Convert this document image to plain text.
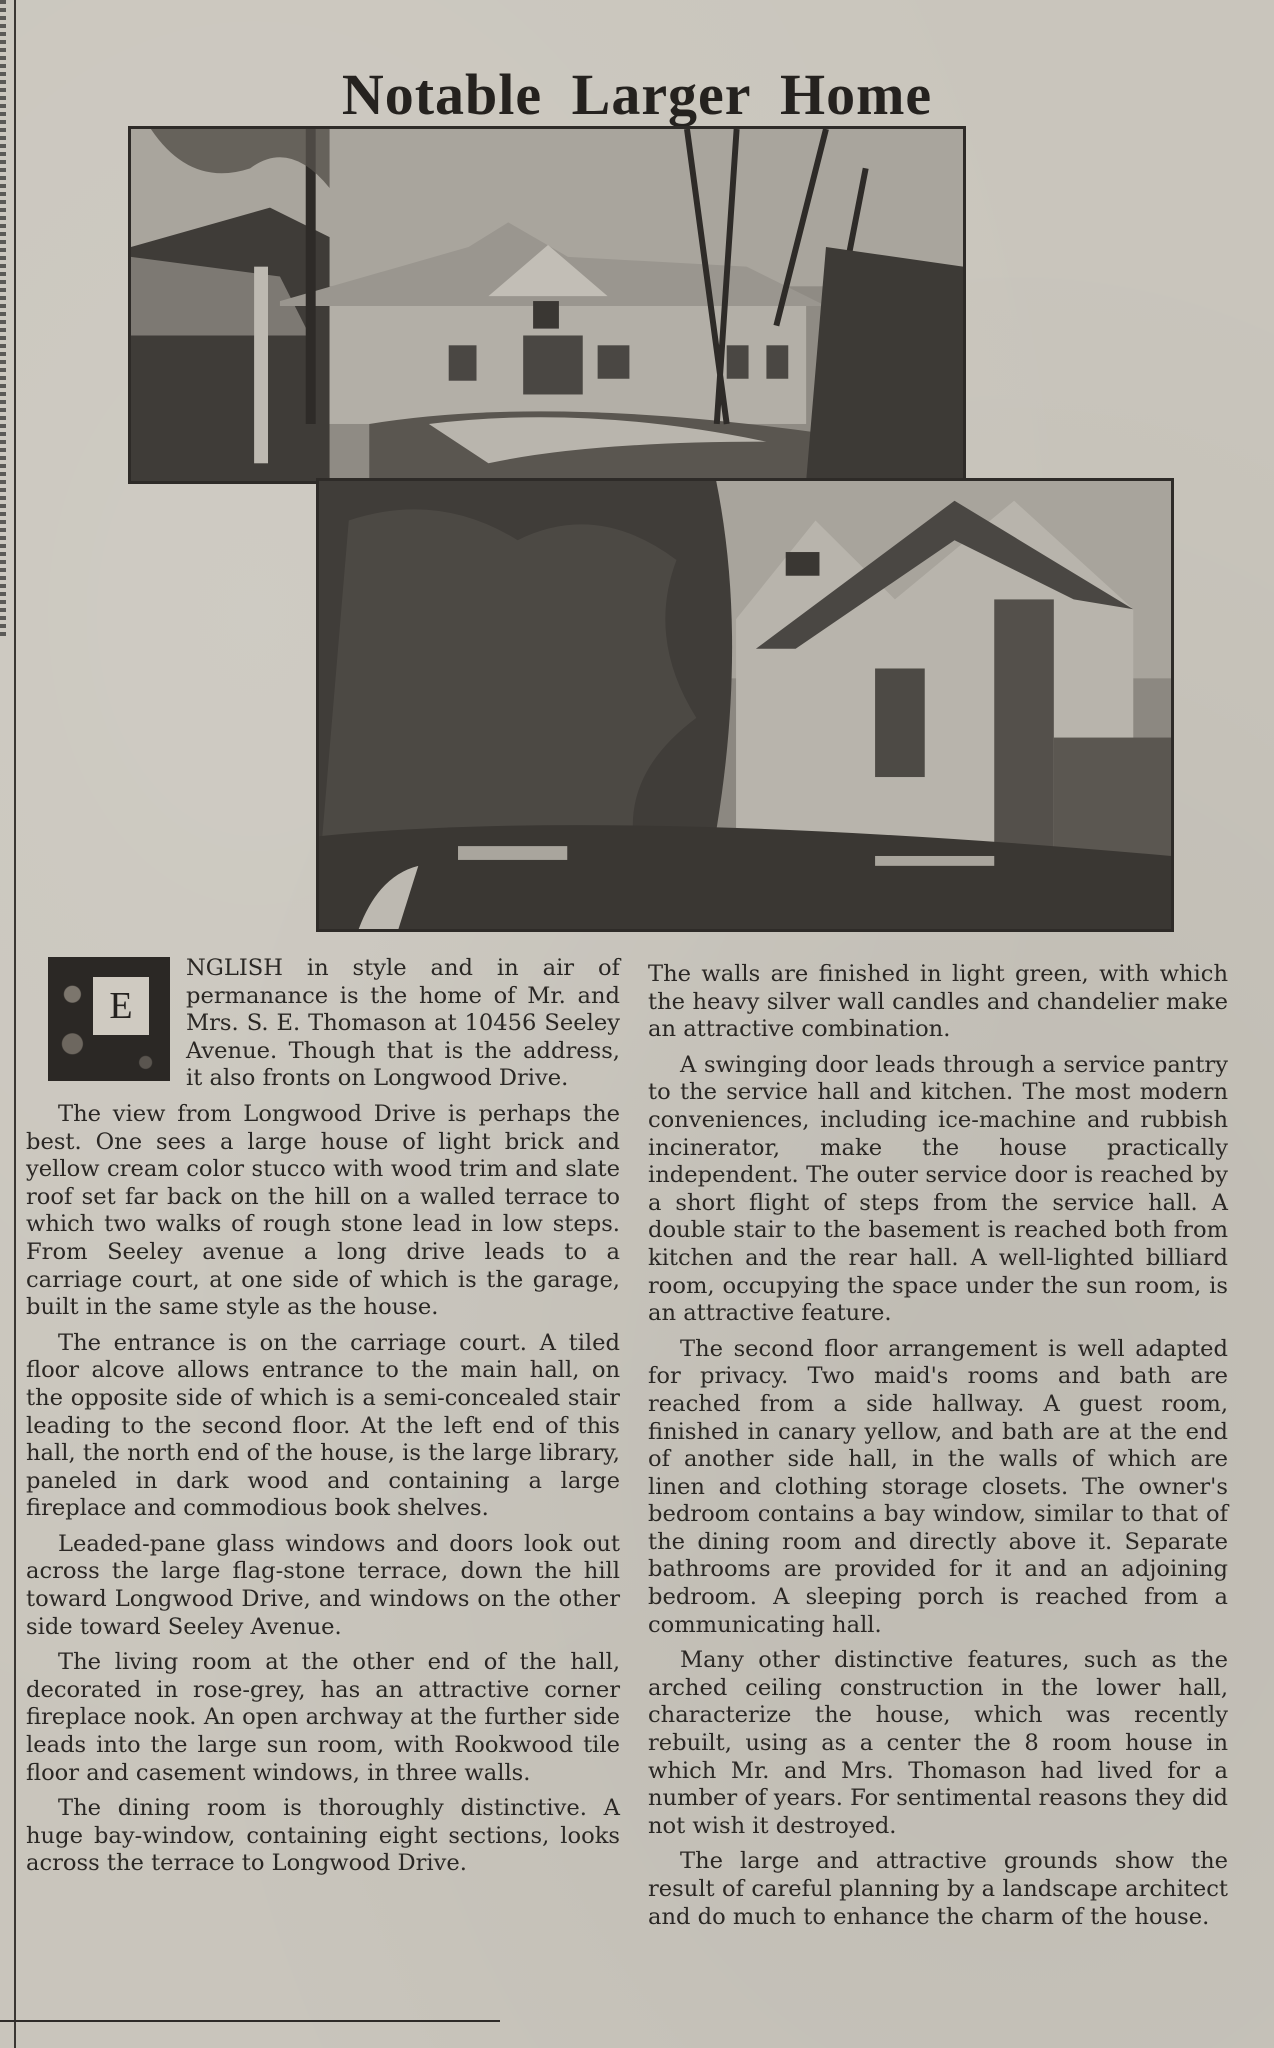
Notable Larger Home

E
NGLISH in style and in air of permanance is the home of Mr. and Mrs. S. E. Thomason at 10456 Seeley Avenue. Though that is the address, it also fronts on Longwood Drive.

The view from Longwood Drive is perhaps the best. One sees a large house of light brick and yellow cream color stucco with wood trim and slate roof set far back on the hill on a walled terrace to which two walks of rough stone lead in low steps. From Seeley avenue a long drive leads to a carriage court, at one side of which is the garage, built in the same style as the house.

The entrance is on the carriage court. A tiled floor alcove allows entrance to the main hall, on the opposite side of which is a semi-concealed stair leading to the second floor. At the left end of this hall, the north end of the house, is the large library, paneled in dark wood and containing a large fireplace and commodious book shelves.

Leaded-pane glass windows and doors look out across the large flag-stone terrace, down the hill toward Longwood Drive, and windows on the other side toward Seeley Avenue.

The living room at the other end of the hall, decorated in rose-grey, has an attractive corner fireplace nook. An open archway at the further side leads into the large sun room, with Rookwood tile floor and casement windows, in three walls.

The dining room is thoroughly distinctive. A huge bay-window, containing eight sections, looks across the terrace to Longwood Drive.

The walls are finished in light green, with which the heavy silver wall candles and chandelier make an attractive combination.

A swinging door leads through a service pantry to the service hall and kitchen. The most modern conveniences, including ice-machine and rubbish incinerator, make the house practically independent. The outer service door is reached by a short flight of steps from the service hall. A double stair to the basement is reached both from kitchen and the rear hall. A well-lighted billiard room, occupying the space under the sun room, is an attractive feature.

The second floor arrangement is well adapted for privacy. Two maid's rooms and bath are reached from a side hallway. A guest room, finished in canary yellow, and bath are at the end of another side hall, in the walls of which are linen and clothing storage closets. The owner's bedroom contains a bay window, similar to that of the dining room and directly above it. Separate bathrooms are provided for it and an adjoining bedroom. A sleeping porch is reached from a communicating hall.

Many other distinctive features, such as the arched ceiling construction in the lower hall, characterize the house, which was recently rebuilt, using as a center the 8 room house in which Mr. and Mrs. Thomason had lived for a number of years. For sentimental reasons they did not wish it destroyed.

The large and attractive grounds show the result of careful planning by a landscape architect and do much to enhance the charm of the house.
